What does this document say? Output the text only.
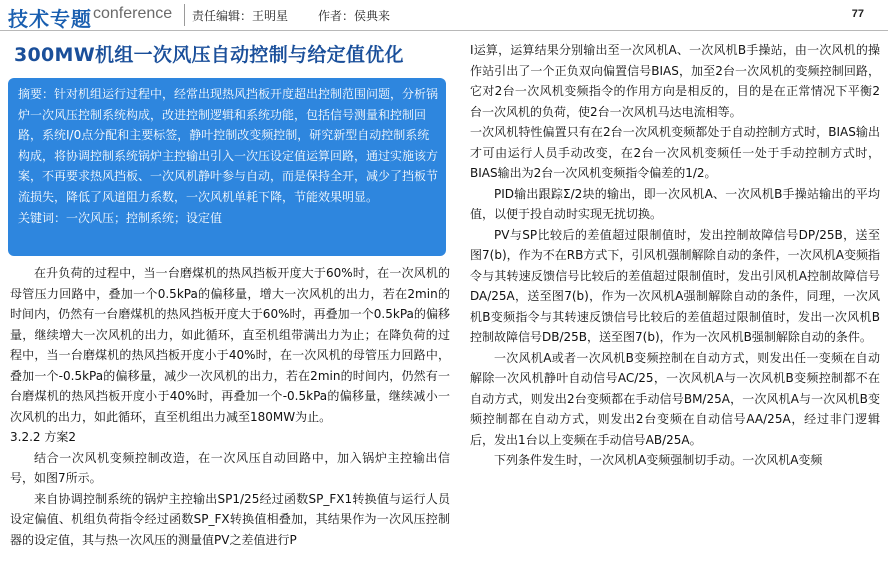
技术专题 conference 责任编辑：王明星 作者：侯典来	77
300MW机组一次风压自动控制与给定值优化

摘要：针对机组运行过程中，经常出现热风挡板开度超出控制范围问题，分析锅炉一次风压控制系统构成，改进控制逻辑和系统功能，包括信号测量和控制回路，系统I/0点分配和主要标签，静叶控制改变频控制，研究新型自动控制系统构成，将协调控制系统锅炉主控输出引入一次压设定值运算回路，通过实施该方案，不再要求热风挡板、一次风机静叶参与自动，而是保持全开，减少了挡板节流损失，降低了风道阻力系数，一次风机单耗下降，节能效果明显。

关键词：一次风压；控制系统；设定值

在升负荷的过程中，当一台磨煤机的热风挡板开度大于60%时，在一次风机的母管压力回路中，叠加一个0.5kPa的偏移量，增大一次风机的出力，若在2min的时间内，仍然有一台磨煤机的热风挡板开度大于60%时，再叠加一个0.5kPa的偏移量，继续增大一次风机的出力，如此循环，直至机组带满出力为止；在降负荷的过程中，当一台磨煤机的热风挡板开度小于40%时，在一次风机的母管压力回路中，叠加一个-0.5kPa的偏移量，减少一次风机的出力，若在2min的时间内，仍然有一台磨煤机的热风挡板开度小于40%时，再叠加一个-0.5kPa的偏移量，继续减小一次风机的出力，如此循环，直至机组出力减至180MW为止。

3.2.2 方案2

结合一次风机变频控制改造，在一次风压自动回路中，加入锅炉主控输出信号，如图7所示。

来自协调控制系统的锅炉主控输出SP1/25经过函数SP_FX1转换值与运行人员设定偏值、机组负荷指令经过函数SP_FX转换值相叠加，其结果作为一次风压控制器的设定值，其与热一次风压的测量值PV之差值进行P

I运算，运算结果分别输出至一次风机A、一次风机B手操站，由一次风机的操作站引出了一个正负双向偏置信号BIAS，加至2台一次风机的变频控制回路，它对2台一次风机变频指令的作用方向是相反的，目的是在正常情况下平衡2台一次风机的负荷，使2台一次风机马达电流相等。

一次风机特性偏置只有在2台一次风机变频都处于自动控制方式时，BIAS输出才可由运行人员手动改变，在2台一次风机变频任一处于手动控制方式时，BIAS输出为2台一次风机变频指令偏差的1/2。

PID输出跟踪Σ/2块的输出，即一次风机A、一次风机B手操站输出的平均值，以便于投自动时实现无扰切换。

PV与SP比较后的差值超过限制值时，发出控制故障信号DP/25B，送至图7(b)，作为不在RB方式下，引风机强制解除自动的条件，一次风机A变频指令与其转速反馈信号比较后的差值超过限制值时，发出引风机A控制故障信号DA/25A，送至图7(b)，作为一次风机A强制解除自动的条件，同理，一次风机B变频指令与其转速反馈信号比较后的差值超过限制值时，发出一次风机B控制故障信号DB/25B，送至图7(b)，作为一次风机B强制解除自动的条件。

一次风机A或者一次风机B变频控制在自动方式，则发出任一变频在自动解除一次风机静叶自动信号AC/25，一次风机A与一次风机B变频控制都不在自动方式，则发出2台变频都在手动信号BM/25A，一次风机A与一次风机B变频控制都在自动方式，则发出2台变频在自动信号AA/25A，经过非门逻辑后，发出1台以上变频在手动信号AB/25A。

下列条件发生时，一次风机A变频强制切手动。一次风机A变频
